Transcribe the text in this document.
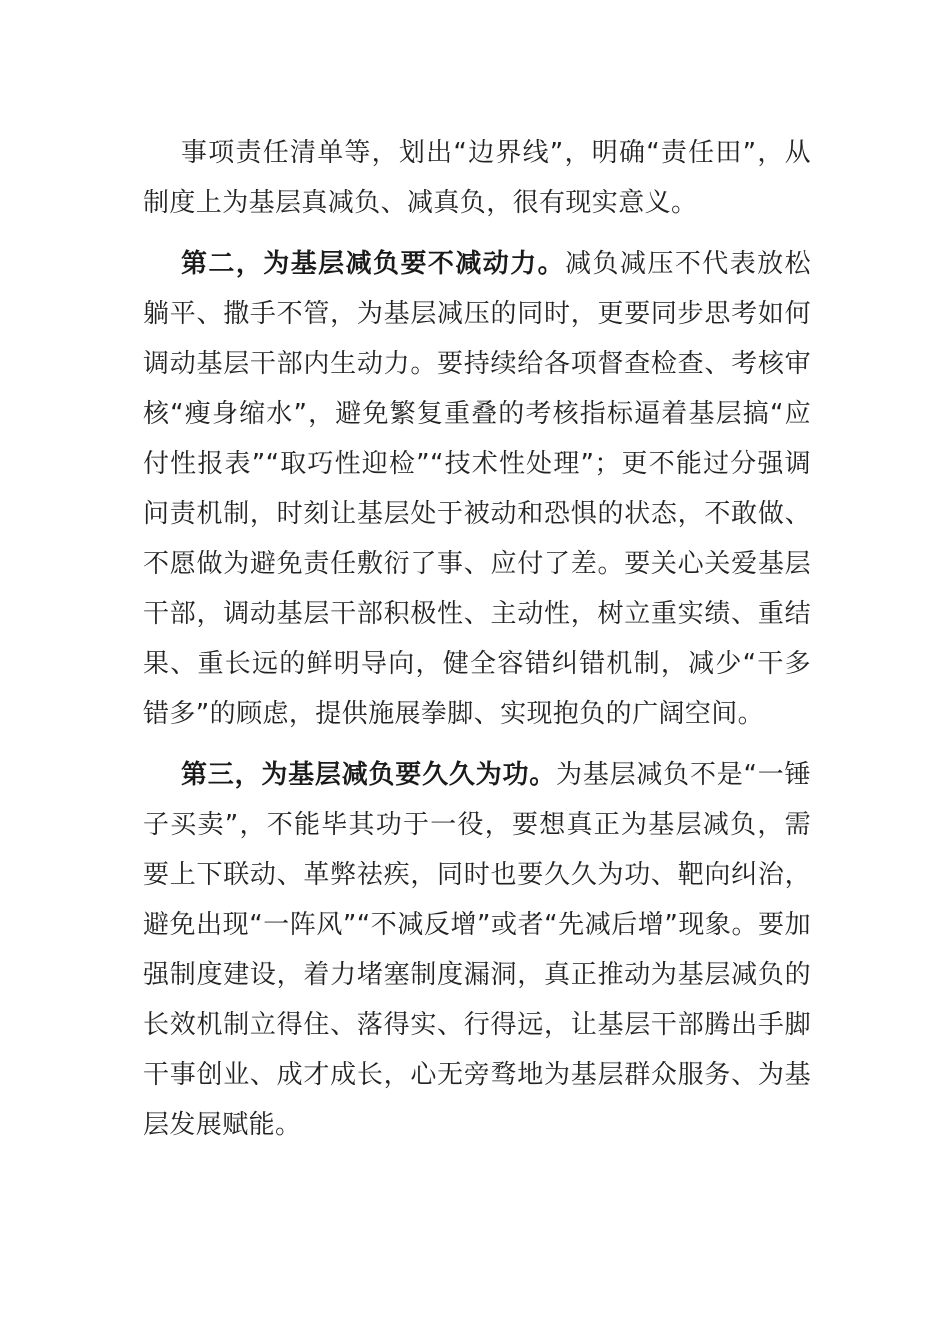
事项责任清单等，划出“边界线”，明确“责任田”，从制度上为基层真减负、减真负，很有现实意义。

第二，为基层减负要不减动力。减负减压不代表放松躺平、撒手不管，为基层减压的同时，更要同步思考如何调动基层干部内生动力。要持续给各项督查检查、考核审核“瘦身缩水”，避免繁复重叠的考核指标逼着基层搞“应付性报表”“取巧性迎检”“技术性处理”；更不能过分强调问责机制，时刻让基层处于被动和恐惧的状态，不敢做、不愿做为避免责任敷衍了事、应付了差。要关心关爱基层干部，调动基层干部积极性、主动性，树立重实绩、重结果、重长远的鲜明导向，健全容错纠错机制，减少“干多错多”的顾虑，提供施展拳脚、实现抱负的广阔空间。

第三，为基层减负要久久为功。为基层减负不是“一锤子买卖”，不能毕其功于一役，要想真正为基层减负，需要上下联动、革弊祛疾，同时也要久久为功、靶向纠治，避免出现“一阵风”“不减反增”或者“先减后增”现象。要加强制度建设，着力堵塞制度漏洞，真正推动为基层减负的长效机制立得住、落得实、行得远，让基层干部腾出手脚干事创业、成才成长，心无旁骛地为基层群众服务、为基层发展赋能。
